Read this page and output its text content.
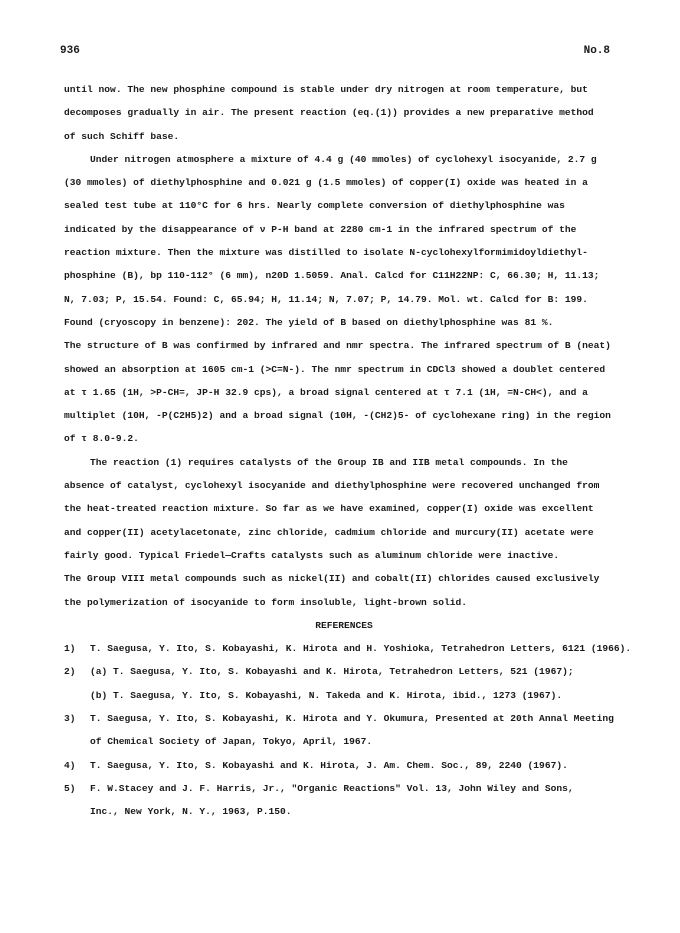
936	No.8
until now. The new phosphine compound is stable under dry nitrogen at room temperature, but
decomposes gradually in air. The present reaction (eq.(1)) provides a new preparative method
of such Schiff base.
Under nitrogen atmosphere a mixture of 4.4 g (40 mmoles) of cyclohexyl isocyanide, 2.7 g
(30 mmoles) of diethylphosphine and 0.021 g (1.5 mmoles) of copper(I) oxide was heated in a
sealed test tube at 110°C for 6 hrs. Nearly complete conversion of diethylphosphine was
indicated by the disappearance of ν P-H band at 2280 cm-1 in the infrared spectrum of the
reaction mixture. Then the mixture was distilled to isolate N-cyclohexylformimidoyldiethyl-
phosphine (B), bp 110-112° (6 mm), n20D 1.5059. Anal. Calcd for C11H22NP: C, 66.30; H, 11.13;
N, 7.03; P, 15.54. Found: C, 65.94; H, 11.14; N, 7.07; P, 14.79. Mol. wt. Calcd for B: 199.
Found (cryoscopy in benzene): 202. The yield of B based on diethylphosphine was 81 %.
The structure of B was confirmed by infrared and nmr spectra. The infrared spectrum of B (neat)
showed an absorption at 1605 cm-1 (>C=N-). The nmr spectrum in CDCl3 showed a doublet centered
at τ 1.65 (1H, >P-CH=, JP-H 32.9 cps), a broad signal centered at τ 7.1 (1H, =N-CH<), and a
multiplet (10H, -P(C2H5)2) and a broad signal (10H, -(CH2)5- of cyclohexane ring) in the region
of τ 8.0-9.2.
The reaction (1) requires catalysts of the Group IB and IIB metal compounds. In the
absence of catalyst, cyclohexyl isocyanide and diethylphosphine were recovered unchanged from
the heat-treated reaction mixture. So far as we have examined, copper(I) oxide was excellent
and copper(II) acetylacetonate, zinc chloride, cadmium chloride and murcury(II) acetate were
fairly good. Typical Friedel—Crafts catalysts such as aluminum chloride were inactive.
The Group VIII metal compounds such as nickel(II) and cobalt(II) chlorides caused exclusively
the polymerization of isocyanide to form insoluble, light-brown solid.
REFERENCES
1) T. Saegusa, Y. Ito, S. Kobayashi, K. Hirota and H. Yoshioka, Tetrahedron Letters, 6121 (1966).
2) (a) T. Saegusa, Y. Ito, S. Kobayashi and K. Hirota, Tetrahedron Letters, 521 (1967);
(b) T. Saegusa, Y. Ito, S. Kobayashi, N. Takeda and K. Hirota, ibid., 1273 (1967).
3) T. Saegusa, Y. Ito, S. Kobayashi, K. Hirota and Y. Okumura, Presented at 20th Annal Meeting
of Chemical Society of Japan, Tokyo, April, 1967.
4) T. Saegusa, Y. Ito, S. Kobayashi and K. Hirota, J. Am. Chem. Soc., 89, 2240 (1967).
5) F. W.Stacey and J. F. Harris, Jr., "Organic Reactions" Vol. 13, John Wiley and Sons,
Inc., New York, N. Y., 1963, P.150.
